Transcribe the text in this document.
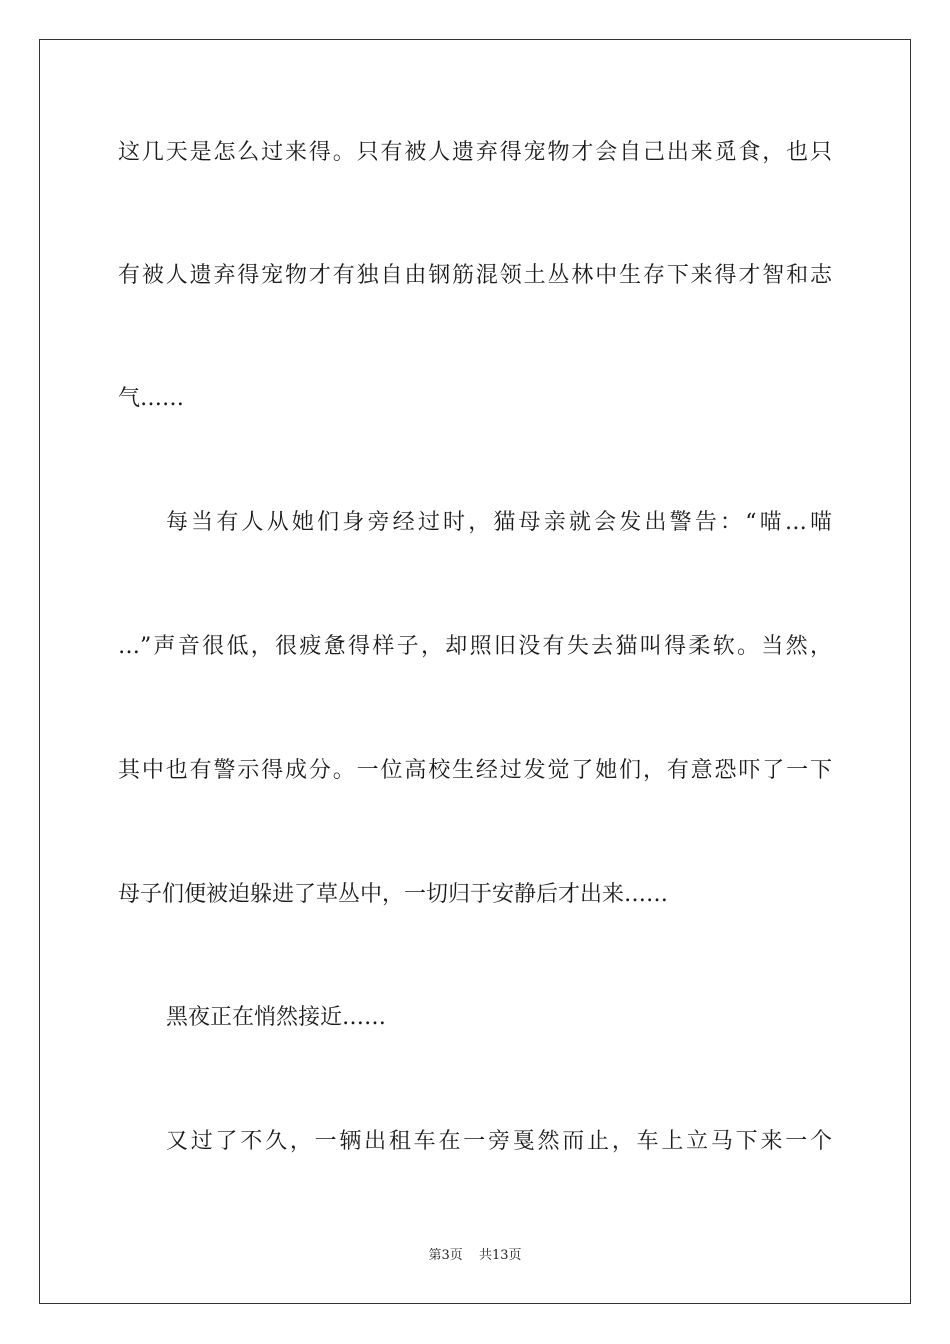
这几天是怎么过来得。只有被人遗弃得宠物才会自己出来觅食，也只
有被人遗弃得宠物才有独自由钢筋混领土丛林中生存下来得才智和志
气……
每当有人从她们身旁经过时，猫母亲就会发出警告：“喵…喵
…”声音很低，很疲惫得样子，却照旧没有失去猫叫得柔软。当然，
其中也有警示得成分。一位高校生经过发觉了她们，有意恐吓了一下
母子们便被迫躲进了草丛中，一切归于安静后才出来……
黑夜正在悄然接近……
又过了不久，一辆出租车在一旁戛然而止，车上立马下来一个
第3页 共13页
